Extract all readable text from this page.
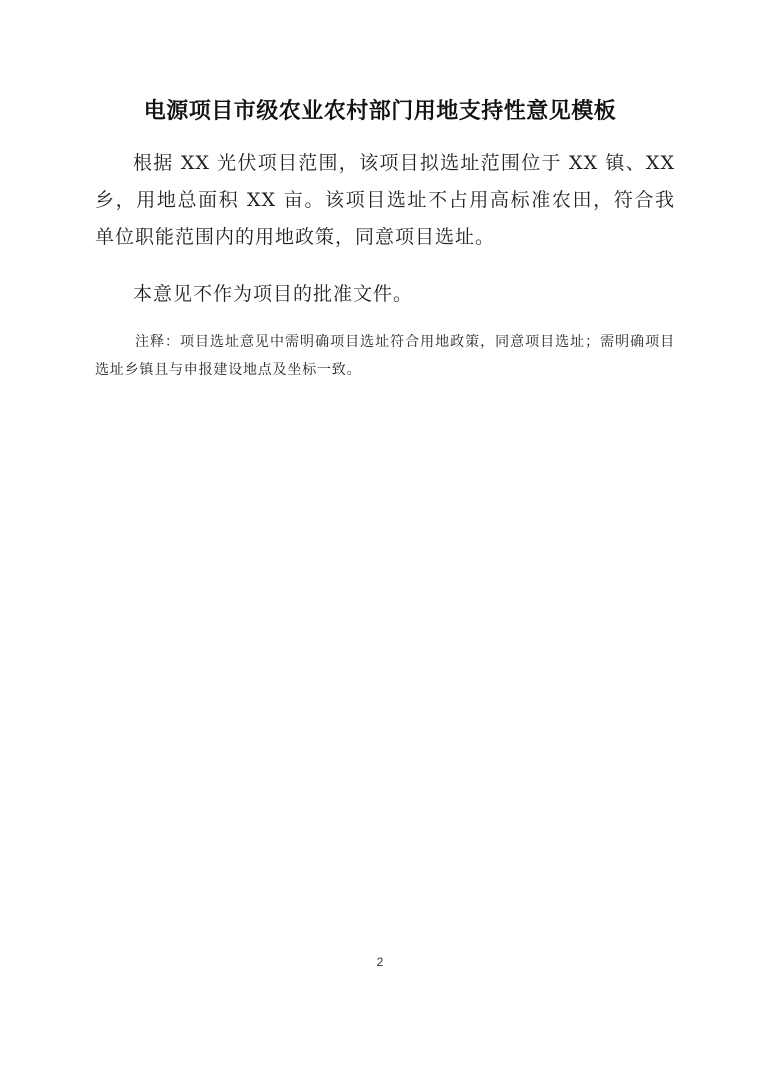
电源项目市级农业农村部门用地支持性意见模板
根据 XX 光伏项目范围，该项目拟选址范围位于 XX 镇、XX 乡，用地总面积 XX 亩。该项目选址不占用高标准农田，符合我单位职能范围内的用地政策，同意项目选址。
本意见不作为项目的批准文件。
注释：项目选址意见中需明确项目选址符合用地政策，同意项目选址；需明确项目选址乡镇且与申报建设地点及坐标一致。
2
